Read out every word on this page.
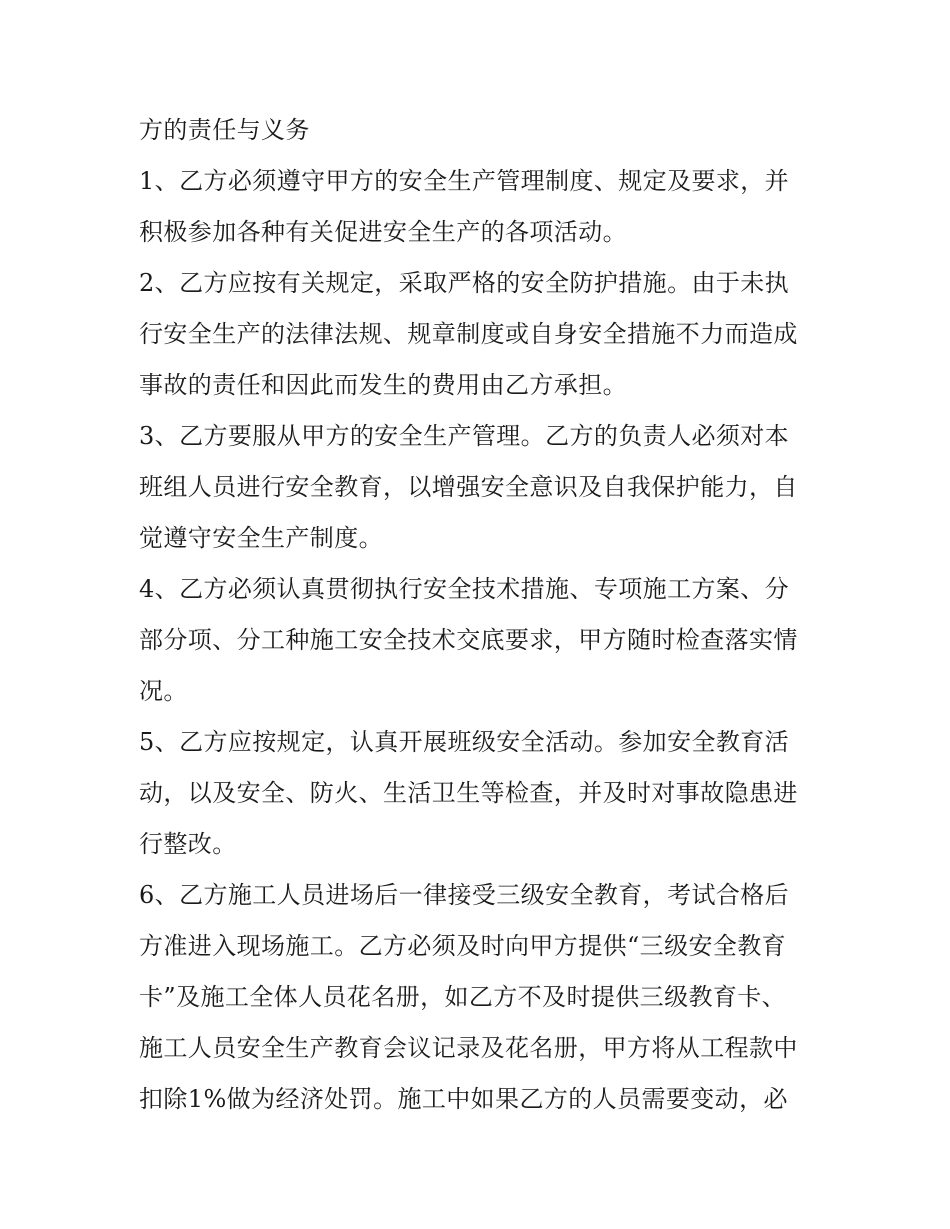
方的责任与义务
1、乙方必须遵守甲方的安全生产管理制度、规定及要求，并
积极参加各种有关促进安全生产的各项活动。
2、乙方应按有关规定，采取严格的安全防护措施。由于未执
行安全生产的法律法规、规章制度或自身安全措施不力而造成
事故的责任和因此而发生的费用由乙方承担。
3、乙方要服从甲方的安全生产管理。乙方的负责人必须对本
班组人员进行安全教育，以增强安全意识及自我保护能力，自
觉遵守安全生产制度。
4、乙方必须认真贯彻执行安全技术措施、专项施工方案、分
部分项、分工种施工安全技术交底要求，甲方随时检查落实情
况。
5、乙方应按规定，认真开展班级安全活动。参加安全教育活
动，以及安全、防火、生活卫生等检查，并及时对事故隐患进
行整改。
6、乙方施工人员进场后一律接受三级安全教育，考试合格后
方准进入现场施工。乙方必须及时向甲方提供“三级安全教育
卡”及施工全体人员花名册，如乙方不及时提供三级教育卡、
施工人员安全生产教育会议记录及花名册，甲方将从工程款中
扣除1%做为经济处罚。施工中如果乙方的人员需要变动，必
